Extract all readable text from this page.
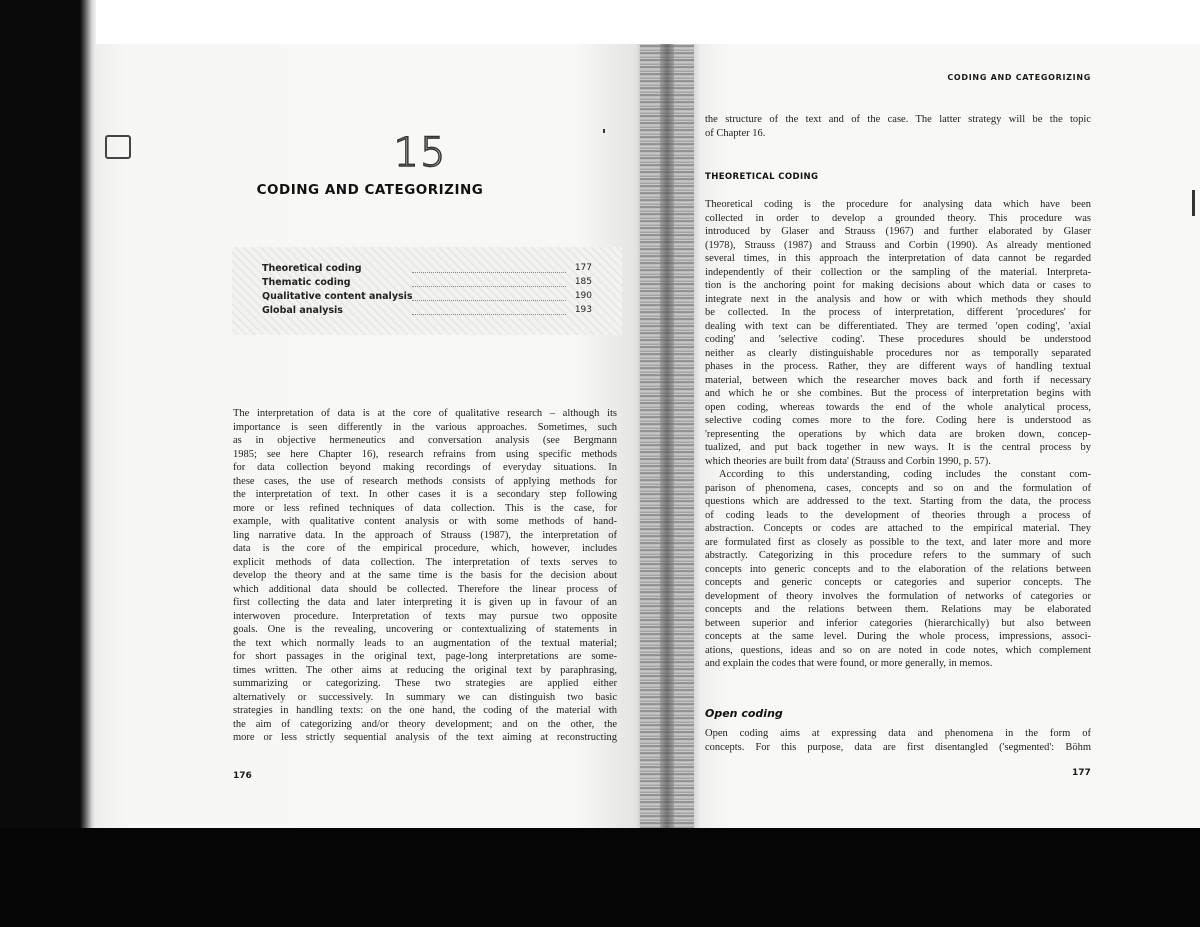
15
CODING AND CATEGORIZING
Theoretical coding	177
Thematic coding	185
Qualitative content analysis	190
Global analysis	193
The interpretation of data is at the core of qualitative research – although its
importance is seen differently in the various approaches. Sometimes, such
as in objective hermeneutics and conversation analysis (see Bergmann
1985; see here Chapter 16), research refrains from using specific methods
for data collection beyond making recordings of everyday situations. In
these cases, the use of research methods consists of applying methods for
the interpretation of text. In other cases it is a secondary step following
more or less refined techniques of data collection. This is the case, for
example, with qualitative content analysis or with some methods of hand-
ling narrative data. In the approach of Strauss (1987), the interpretation of
data is the core of the empirical procedure, which, however, includes
explicit methods of data collection. The interpretation of texts serves to
develop the theory and at the same time is the basis for the decision about
which additional data should be collected. Therefore the linear process of
first collecting the data and later interpreting it is given up in favour of an
interwoven procedure. Interpretation of texts may pursue two opposite
goals. One is the revealing, uncovering or contextualizing of statements in
the text which normally leads to an augmentation of the textual material;
for short passages in the original text, page-long interpretations are some-
times written. The other aims at reducing the original text by paraphrasing,
summarizing or categorizing. These two strategies are applied either
alternatively or successively. In summary we can distinguish two basic
strategies in handling texts: on the one hand, the coding of the material with
the aim of categorizing and/or theory development; and on the other, the
more or less strictly sequential analysis of the text aiming at reconstructing
176
CODING AND CATEGORIZING
the structure of the text and of the case. The latter strategy will be the topic
of Chapter 16.
THEORETICAL CODING
Theoretical coding is the procedure for analysing data which have been
collected in order to develop a grounded theory. This procedure was
introduced by Glaser and Strauss (1967) and further elaborated by Glaser
(1978), Strauss (1987) and Strauss and Corbin (1990). As already mentioned
several times, in this approach the interpretation of data cannot be regarded
independently of their collection or the sampling of the material. Interpreta-
tion is the anchoring point for making decisions about which data or cases to
integrate next in the analysis and how or with which methods they should
be collected. In the process of interpretation, different 'procedures' for
dealing with text can be differentiated. They are termed 'open coding', 'axial
coding' and 'selective coding'. These procedures should be understood
neither as clearly distinguishable procedures nor as temporally separated
phases in the process. Rather, they are different ways of handling textual
material, between which the researcher moves back and forth if necessary
and which he or she combines. But the process of interpretation begins with
open coding, whereas towards the end of the whole analytical process,
selective coding comes more to the fore. Coding here is understood as
'representing the operations by which data are broken down, concep-
tualized, and put back together in new ways. It is the central process by
which theories are built from data' (Strauss and Corbin 1990, p. 57).
According to this understanding, coding includes the constant com-
parison of phenomena, cases, concepts and so on and the formulation of
questions which are addressed to the text. Starting from the data, the process
of coding leads to the development of theories through a process of
abstraction. Concepts or codes are attached to the empirical material. They
are formulated first as closely as possible to the text, and later more and more
abstractly. Categorizing in this procedure refers to the summary of such
concepts into generic concepts and to the elaboration of the relations between
concepts and generic concepts or categories and superior concepts. The
development of theory involves the formulation of networks of categories or
concepts and the relations between them. Relations may be elaborated
between superior and inferior categories (hierarchically) but also between
concepts at the same level. During the whole process, impressions, associ-
ations, questions, ideas and so on are noted in code notes, which complement
and explain the codes that were found, or more generally, in memos.
Open coding
Open coding aims at expressing data and phenomena in the form of
concepts. For this purpose, data are first disentangled ('segmented': Böhm
177
